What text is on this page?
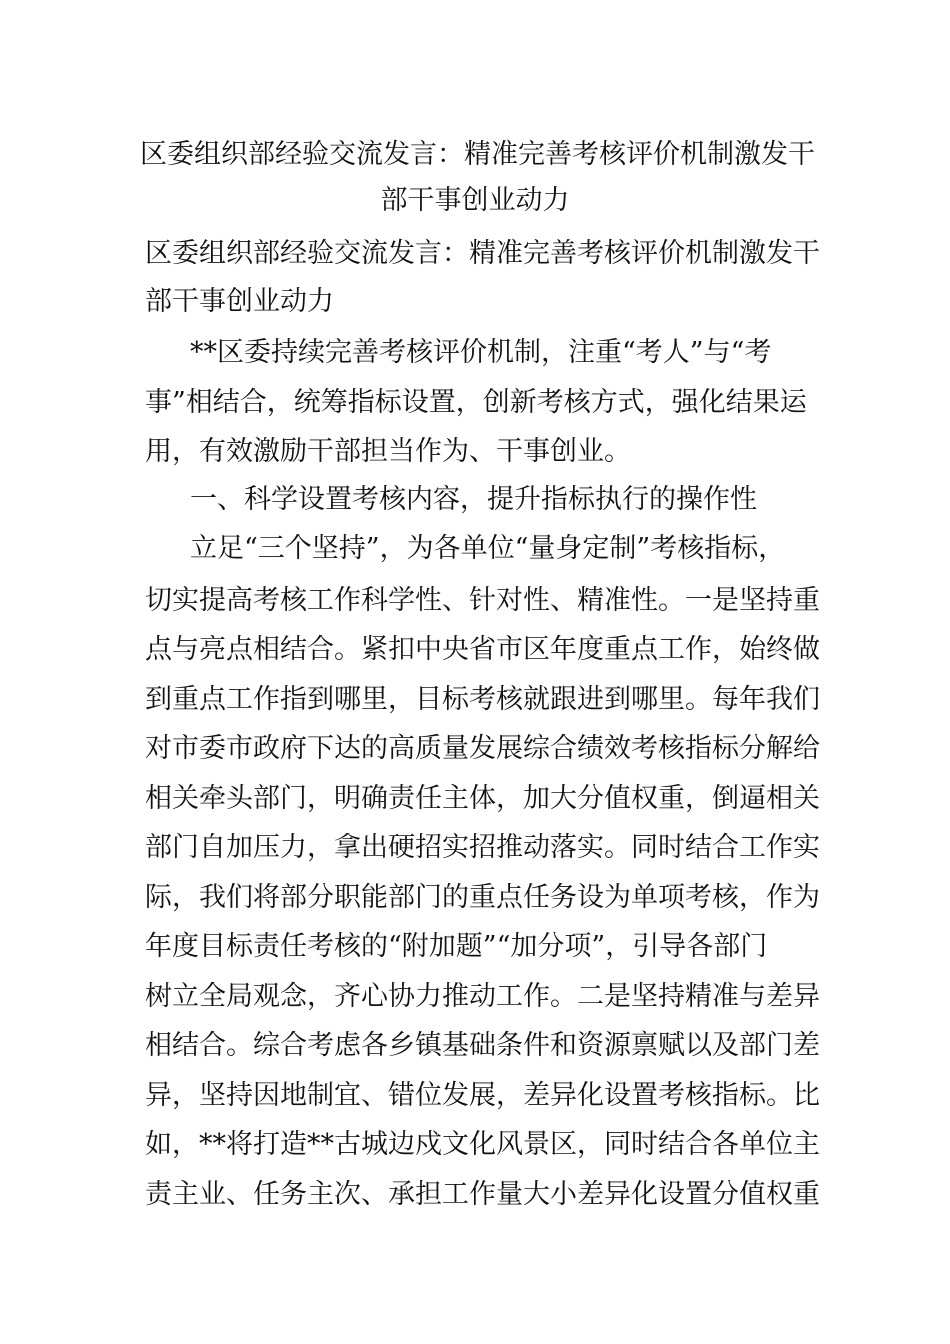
区委组织部经验交流发言：精准完善考核评价机制激发干
部干事创业动力
区委组织部经验交流发言：精准完善考核评价机制激发干
部干事创业动力
**区委持续完善考核评价机制，注重“考人”与“考
事”相结合，统筹指标设置，创新考核方式，强化结果运
用，有效激励干部担当作为、干事创业。
一、科学设置考核内容，提升指标执行的操作性
立足“三个坚持”，为各单位“量身定制”考核指标，
切实提高考核工作科学性、针对性、精准性。一是坚持重
点与亮点相结合。紧扣中央省市区年度重点工作，始终做
到重点工作指到哪里，目标考核就跟进到哪里。每年我们
对市委市政府下达的高质量发展综合绩效考核指标分解给
相关牵头部门，明确责任主体，加大分值权重，倒逼相关
部门自加压力，拿出硬招实招推动落实。同时结合工作实
际，我们将部分职能部门的重点任务设为单项考核，作为
年度目标责任考核的“附加题”“加分项”，引导各部门
树立全局观念，齐心协力推动工作。二是坚持精准与差异
相结合。综合考虑各乡镇基础条件和资源禀赋以及部门差
异，坚持因地制宜、错位发展，差异化设置考核指标。比
如，**将打造**古城边戍文化风景区，同时结合各单位主
责主业、任务主次、承担工作量大小差异化设置分值权重
